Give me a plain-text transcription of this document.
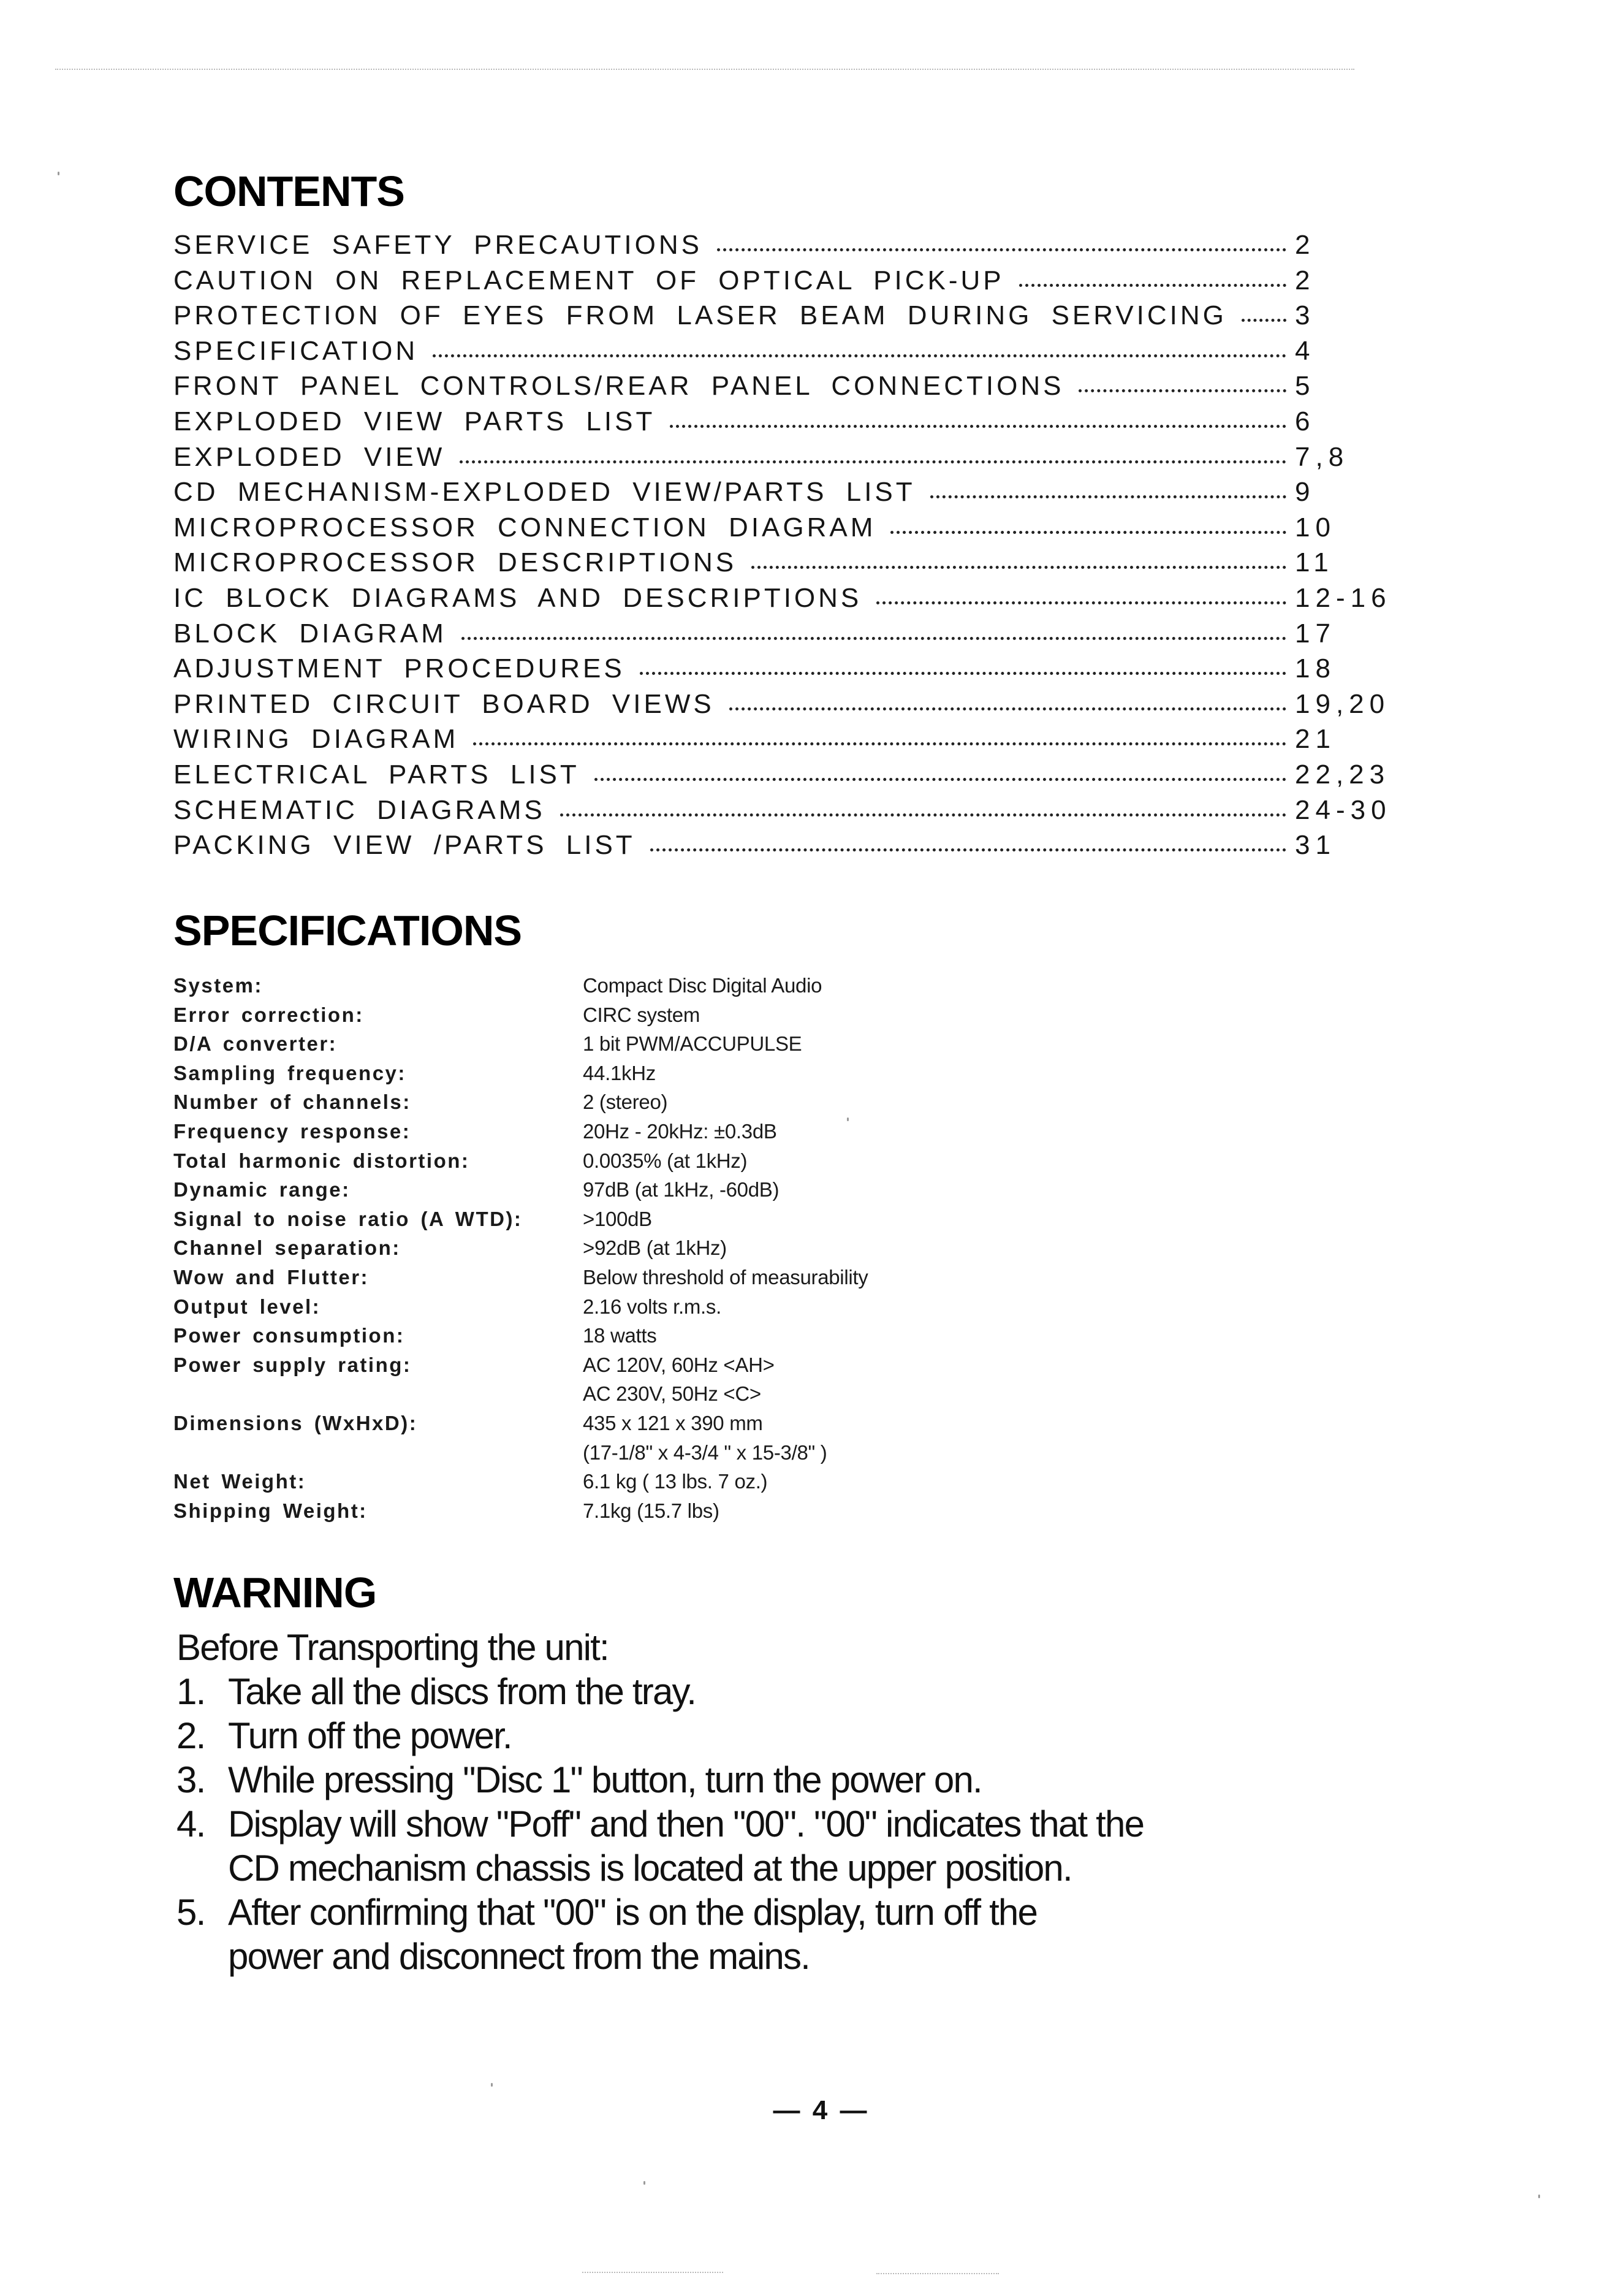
CONTENTS
SERVICE SAFETY PRECAUTIONS	2
CAUTION ON REPLACEMENT OF OPTICAL PICK-UP	2
PROTECTION OF EYES FROM LASER BEAM DURING SERVICING	3
SPECIFICATION	4
FRONT PANEL CONTROLS/REAR PANEL CONNECTIONS	5
EXPLODED VIEW PARTS LIST	6
EXPLODED VIEW	7,8
CD MECHANISM-EXPLODED VIEW/PARTS LIST	9
MICROPROCESSOR CONNECTION DIAGRAM	10
MICROPROCESSOR DESCRIPTIONS	11
IC BLOCK DIAGRAMS AND DESCRIPTIONS	12-16
BLOCK DIAGRAM	17
ADJUSTMENT PROCEDURES	18
PRINTED CIRCUIT BOARD VIEWS	19,20
WIRING DIAGRAM	21
ELECTRICAL PARTS LIST	22,23
SCHEMATIC DIAGRAMS	24-30
PACKING VIEW /PARTS LIST	31
SPECIFICATIONS
System:	Compact Disc Digital Audio
Error correction:	CIRC system
D/A converter:	1 bit PWM/ACCUPULSE
Sampling frequency:	44.1kHz
Number of channels:	2 (stereo)
Frequency response:	20Hz - 20kHz: ±0.3dB
Total harmonic distortion:	0.0035% (at 1kHz)
Dynamic range:	97dB (at 1kHz, -60dB)
Signal to noise ratio (A WTD):	>100dB
Channel separation:	>92dB (at 1kHz)
Wow and Flutter:	Below threshold of measurability
Output level:	2.16 volts r.m.s.
Power consumption:	18 watts
Power supply rating:	AC 120V, 60Hz <AH>
AC 230V, 50Hz <C>
Dimensions (WxHxD):	435 x 121 x 390 mm
(17-1/8" x 4-3/4 " x 15-3/8" )
Net Weight:	6.1 kg ( 13 lbs. 7 oz.)
Shipping Weight:	7.1kg (15.7 lbs)
WARNING
Before Transporting the unit:
1. Take all the discs from the tray.
2. Turn off the power.
3. While pressing "Disc 1" button, turn the power on.
4. Display will show "Poff" and then "00". "00" indicates that the
CD mechanism chassis is located at the upper position.
5. After confirming that "00" is on the display, turn off the
power and disconnect from the mains.
— 4 —
